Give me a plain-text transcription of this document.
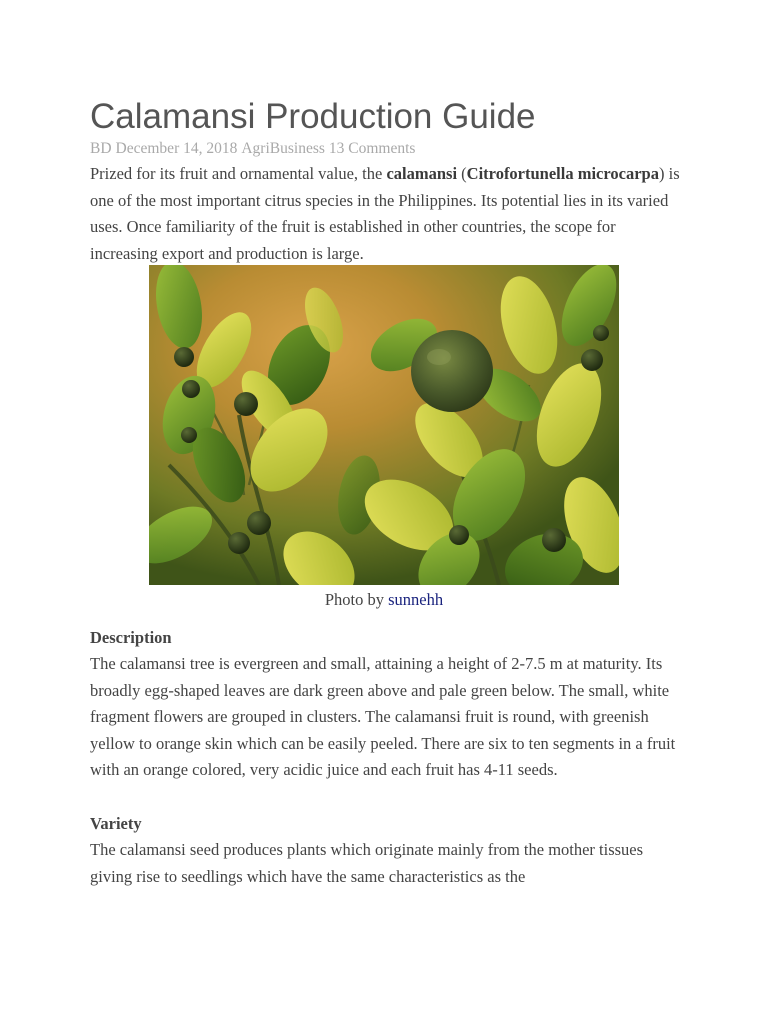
Calamansi Production Guide
BD December 14, 2018 AgriBusiness 13 Comments

Prized for its fruit and ornamental value, the calamansi (Citrofortunella microcarpa) is one of the most important citrus species in the Philippines. Its potential lies in its varied uses. Once familiarity of the fruit is established in other countries, the scope for increasing export and production is large.

Photo by sunnehh
Description

The calamansi tree is evergreen and small, attaining a height of 2-7.5 m at maturity. Its broadly egg-shaped leaves are dark green above and pale green below. The small, white fragment flowers are grouped in clusters. The calamansi fruit is round, with greenish yellow to orange skin which can be easily peeled. There are six to ten segments in a fruit with an orange colored, very acidic juice and each fruit has 4-11 seeds.

Variety

The calamansi seed produces plants which originate mainly from the mother tissues giving rise to seedlings which have the same characteristics as the
